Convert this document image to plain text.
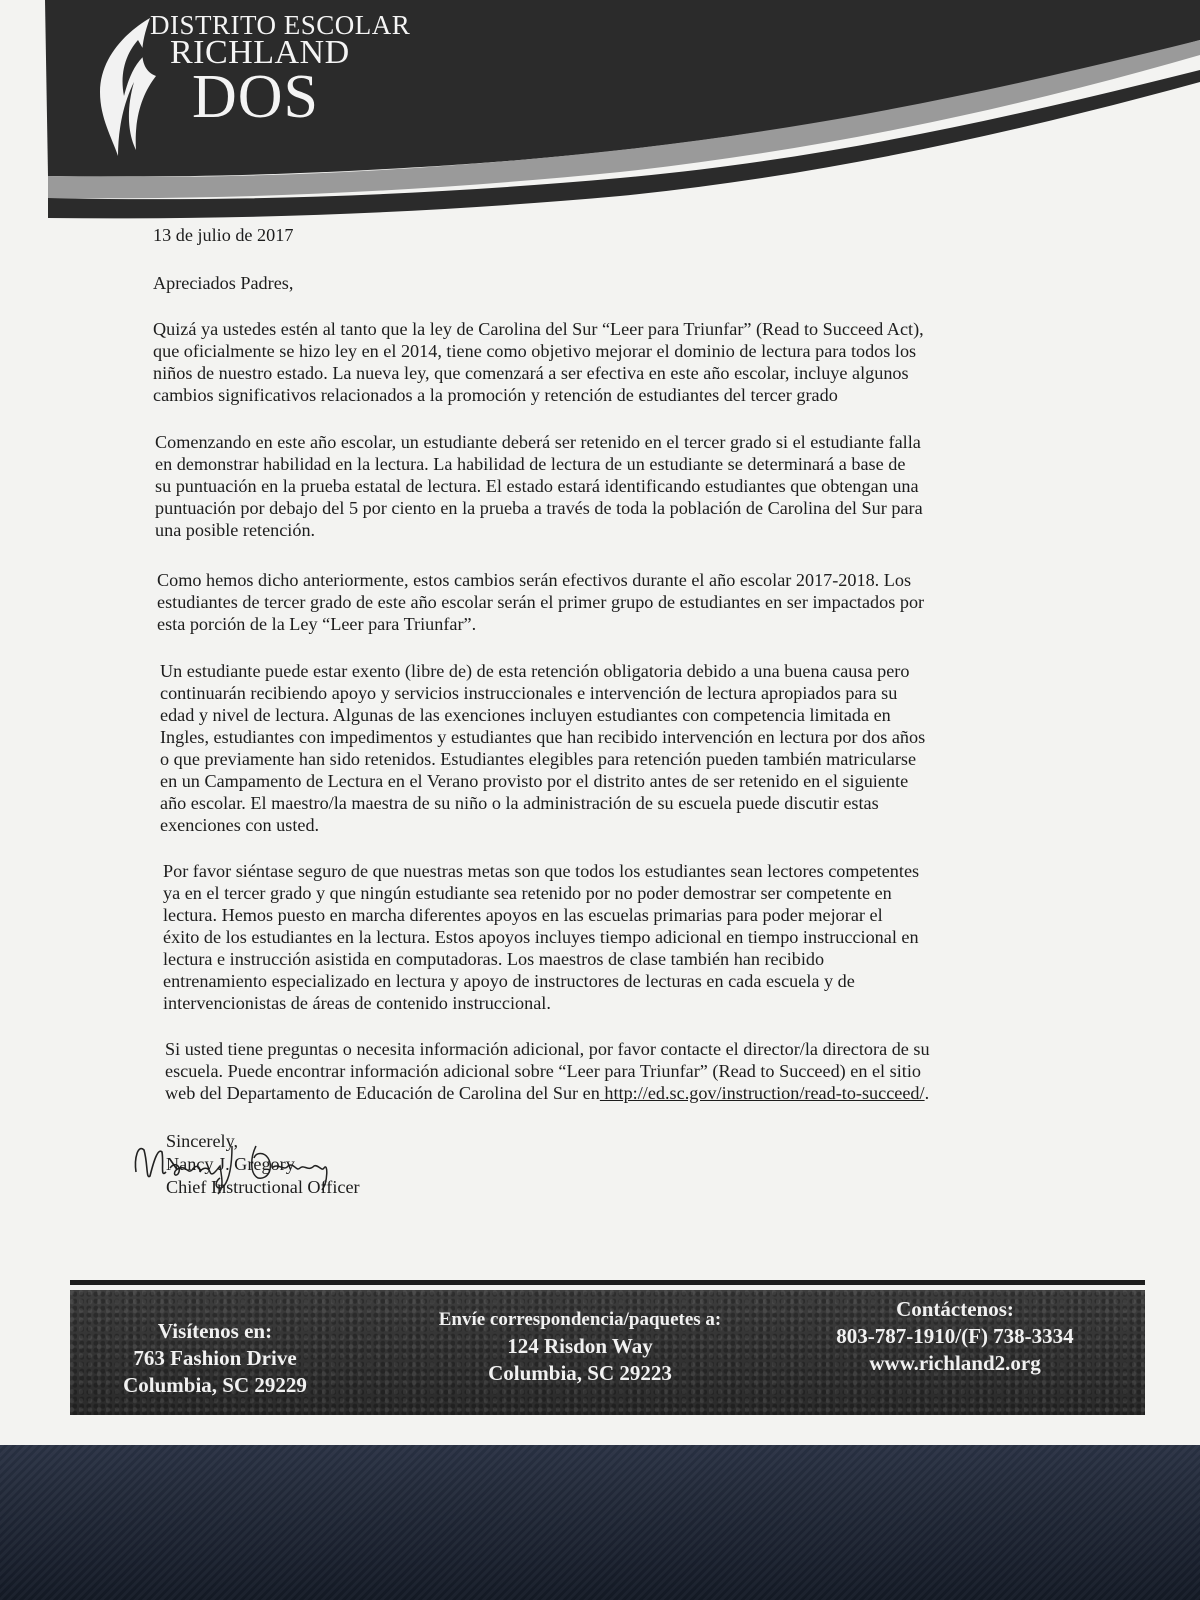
DISTRITO ESCOLAR
RICHLAND
DOS
13 de julio de 2017
Apreciados Padres,
Quizá ya ustedes estén al tanto que la ley de Carolina del Sur “Leer para Triunfar” (Read to Succeed Act),
que oficialmente se hizo ley en el 2014, tiene como objetivo mejorar el dominio de lectura para todos los
niños de nuestro estado. La nueva ley, que comenzará a ser efectiva en este año escolar, incluye algunos
cambios significativos relacionados a la promoción y retención de estudiantes del tercer grado
Comenzando en este año escolar, un estudiante deberá ser retenido en el tercer grado si el estudiante falla
en demonstrar habilidad en la lectura. La habilidad de lectura de un estudiante se determinará a base de
su puntuación en la prueba estatal de lectura. El estado estará identificando estudiantes que obtengan una
puntuación por debajo del 5 por ciento en la prueba a través de toda la población de Carolina del Sur para
una posible retención.
Como hemos dicho anteriormente, estos cambios serán efectivos durante el año escolar 2017-2018. Los
estudiantes de tercer grado de este año escolar serán el primer grupo de estudiantes en ser impactados por
esta porción de la Ley “Leer para Triunfar”.
Un estudiante puede estar exento (libre de) de esta retención obligatoria debido a una buena causa pero
continuarán recibiendo apoyo y servicios instruccionales e intervención de lectura apropiados para su
edad y nivel de lectura. Algunas de las exenciones incluyen estudiantes con competencia limitada en
Ingles, estudiantes con impedimentos y estudiantes que han recibido intervención en lectura por dos años
o que previamente han sido retenidos. Estudiantes elegibles para retención pueden también matricularse
en un Campamento de Lectura en el Verano provisto por el distrito antes de ser retenido en el siguiente
año escolar. El maestro/la maestra de su niño o la administración de su escuela puede discutir estas
exenciones con usted.
Por favor siéntase seguro de que nuestras metas son que todos los estudiantes sean lectores competentes
ya en el tercer grado y que ningún estudiante sea retenido por no poder demostrar ser competente en
lectura. Hemos puesto en marcha diferentes apoyos en las escuelas primarias para poder mejorar el
éxito de los estudiantes en la lectura. Estos apoyos incluyes tiempo adicional en tiempo instruccional en
lectura e instrucción asistida en computadoras. Los maestros de clase también han recibido
entrenamiento especializado en lectura y apoyo de instructores de lecturas en cada escuela y de
intervencionistas de áreas de contenido instruccional.
Si usted tiene preguntas o necesita información adicional, por favor contacte el director/la directora de su
escuela. Puede encontrar información adicional sobre “Leer para Triunfar” (Read to Succeed) en el sitio
web del Departamento de Educación de Carolina del Sur en http://ed.sc.gov/instruction/read-to-succeed/.
Sincerely,
Nancy J. Gregory
Chief Instructional Officer
Visítenos en:
763 Fashion Drive
Columbia, SC 29229
Envíe correspondencia/paquetes a:
124 Risdon Way
Columbia, SC 29223
Contáctenos:
803-787-1910/(F) 738-3334
www.richland2.org
